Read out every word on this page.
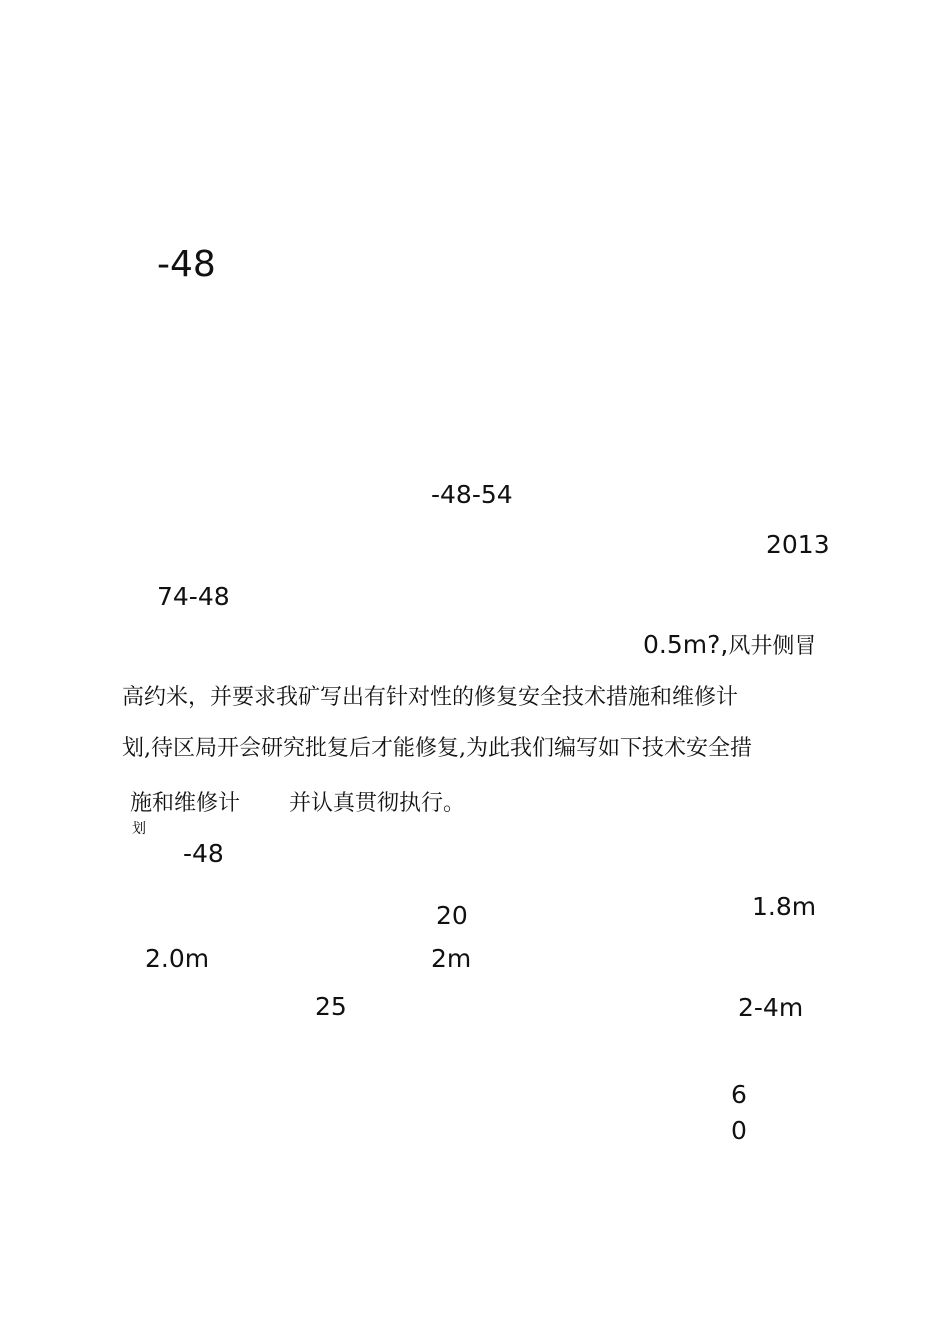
-48
-48-54
2013
74-48
0.5m?,风井侧冒
高约米，并要求我矿写出有针对性的修复安全技术措施和维修计
划,待区局开会研究批复后才能修复,为此我们编写如下技术安全措
施和维修计
划
并认真贯彻执行。
-48
20	1.8m
2.0m	2m
25	2-4m
6
0
